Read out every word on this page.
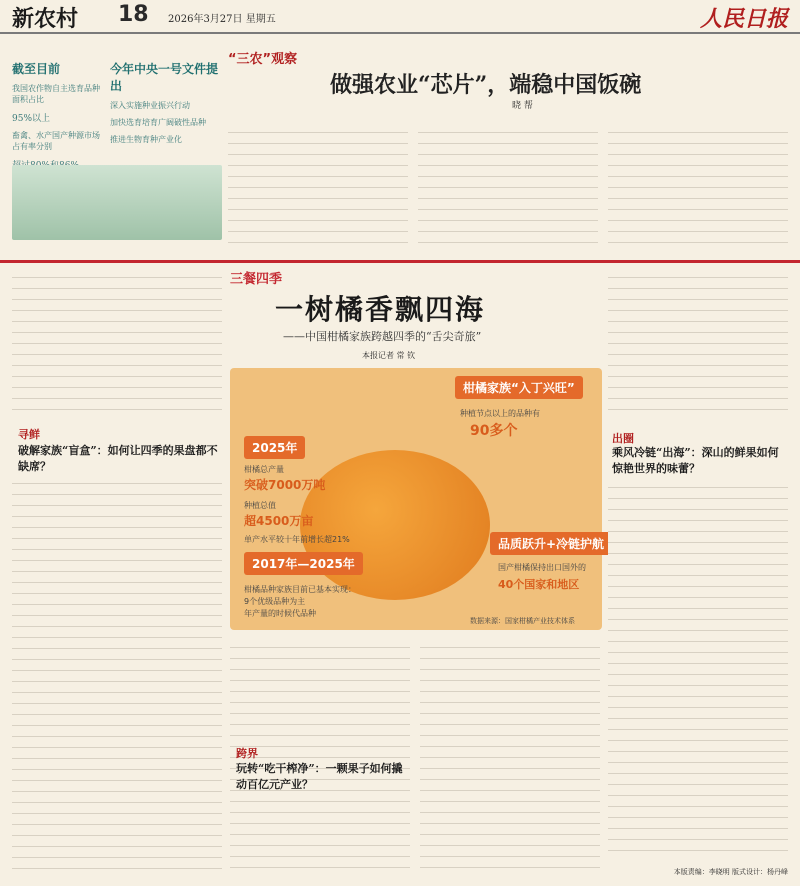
新农村 18 2026年3月27日 星期五	人民日报
截至目前
我国农作物自主选育品种面积占比
95%以上
畜禽、水产国产种源市场占有率分别
今年中央一号文件提出
深入实施种业振兴行动
加快选育培育广阔破性品种
推进生物育种产业化
“三农”观察
做强农业“芯片”，端稳中国饭碗
晓 帮
三餐四季
一树橘香飘四海
——中国柑橘家族跨越四季的“舌尖奇旅”
本报记者 常 钦
寻鲜
破解家族“盲盒”：如何让四季的果盘都不缺席？
2025年
柑橘总产量
突破7000万吨
种植总值
超4500万亩
单产水平较十年前增长超21%
2017年—2025年
柑橘品种家族目前已基本实现：
9个优级品种为主
年产量的时候代品种
柑橘家族“入丁兴旺”
种植节点以上的品种有
90多个
品质跃升+冷链护航
国产柑橘保持出口国外的
40个国家和地区
数据来源：国家柑橘产业技术体系
跨界
玩转“吃干榨净”：一颗果子如何撬动百亿元产业？
出圈
乘风冷链“出海”：深山的鲜果如何惊艳世界的味蕾？
本版责编：李晓明 版式设计：杨丹峰
